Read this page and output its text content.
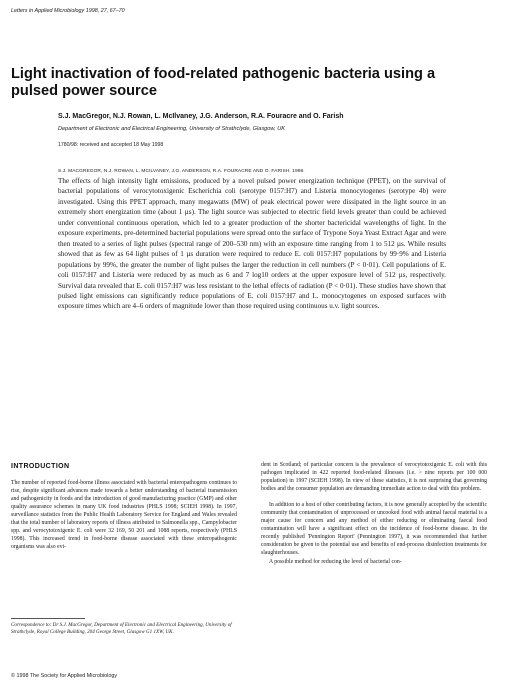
Letters in Applied Microbiology 1998, 27, 67–70
Light inactivation of food-related pathogenic bacteria using a pulsed power source
S.J. MacGregor, N.J. Rowan, L. McIlvaney, J.G. Anderson, R.A. Fouracre and O. Farish
Department of Electronic and Electrical Engineering, University of Strathclyde, Glasgow, UK
1780/98: received and accepted 18 May 1998
S.J. MACGREGOR, N.J. ROWAN, L. MCILVANEY, J.G. ANDERSON, R.A. FOURACRE AND O. FARISH. 1998.
The effects of high intensity light emissions, produced by a novel pulsed power energization technique (PPET), on the survival of bacterial populations of verocytotoxigenic Escherichia coli (serotype 0157:H7) and Listeria monocytogenes (serotype 4b) were investigated. Using this PPET approach, many megawatts (MW) of peak electrical power were dissipated in the light source in an extremely short energization time (about 1 µs). The light source was subjected to electric field levels greater than could be achieved under conventional continuous operation, which led to a greater production of the shorter bactericidal wavelengths of light. In the exposure experiments, pre-determined bacterial populations were spread onto the surface of Trypone Soya Yeast Extract Agar and were then treated to a series of light pulses (spectral range of 200–530 nm) with an exposure time ranging from 1 to 512 µs. While results showed that as few as 64 light pulses of 1 µs duration were required to reduce E. coli 0157:H7 populations by 99·9% and Listeria populations by 99%, the greater the number of light pulses the larger the reduction in cell numbers (P < 0·01). Cell populations of E. coli 0157:H7 and Listeria were reduced by as much as 6 and 7 log10 orders at the upper exposure level of 512 µs, respectively. Survival data revealed that E. coli 0157:H7 was less resistant to the lethal effects of radiation (P < 0·01). These studies have shown that pulsed light emissions can significantly reduce populations of E. coli 0157:H7 and L. monocytogenes on exposed surfaces with exposure times which are 4–6 orders of magnitude lower than those required using continuous u.v. light sources.
INTRODUCTION

The number of reported food-borne illness associated with bacterial enteropathogens continues to rise, despite significant advances made towards a better understanding of bacterial transmission and pathogenicity in foods and the introduction of good manufacturing practice (GMP) and other quality assurance schemes in many UK food industries (PHLS 1998; SCIEH 1998). In 1997, surveillance statistics from the Public Health Laboratory Service for England and Wales revealed that the total number of laboratory reports of illness attributed to Salmonella spp., Campylobacter spp. and verocytotoxigenic E. coli were 32 169, 50 201 and 1088 reports, respectively (PHLS 1998). This increased trend in food-borne disease associated with these enteropathogenic organisms was also evi-

dent in Scotland; of particular concern is the prevalence of verocytotoxigenic E. coli with this pathogen implicated in 422 reported food-related illnesses (i.e. > nine reports per 100 000 population) in 1997 (SCIEH 1998). In view of these statistics, it is not surprising that governing bodies and the consumer population are demanding immediate action to deal with this problem.

In addition to a host of other contributing factors, it is now generally accepted by the scientific community that contamination of unprocessed or uncooked food with animal faecal material is a major cause for concern and any method of either reducing or eliminating faecal food contamination will have a significant effect on the incidence of food-borne disease. In the recently published 'Pennington Report' (Pennington 1997), it was recommended that further consideration be given to the potential use and benefits of end-process disinfection treatments for slaughterhouses.

A possible method for reducing the level of bacterial con-

Correspondence to: Dr S.J. MacGregor, Department of Electronic and Electrical Engineering, University of Strathclyde, Royal College Building, 204 George Street, Glasgow G1 1XW, UK.
© 1998 The Society for Applied Microbiology
